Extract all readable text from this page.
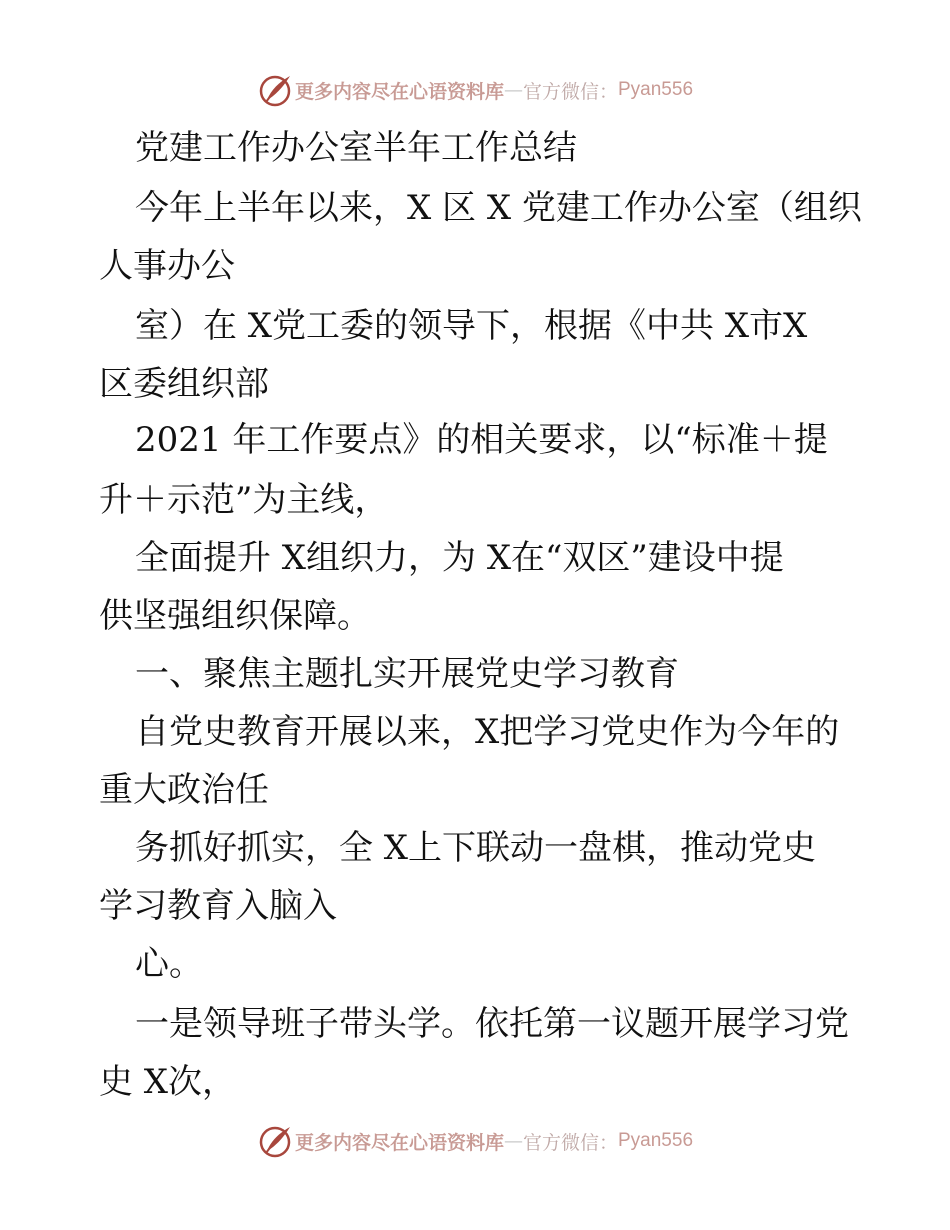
更多内容尽在心语资料库 — 官方微信： Pyan556
党建工作办公室半年工作总结
今年上半年以来，X 区 X 党建工作办公室（组织
人事办公
室）在 X党工委的领导下，根据《中共 X市X
区委组织部
2021 年工作要点》的相关要求，以“标准＋提
升＋示范”为主线，
全面提升 X组织力，为 X在“双区”建设中提
供坚强组织保障。
一、聚焦主题扎实开展党史学习教育
自党史教育开展以来，X把学习党史作为今年的
重大政治任
务抓好抓实，全 X上下联动一盘棋，推动党史
学习教育入脑入
心。
一是领导班子带头学。依托第一议题开展学习党
史 X次，
更多内容尽在心语资料库 — 官方微信： Pyan556
